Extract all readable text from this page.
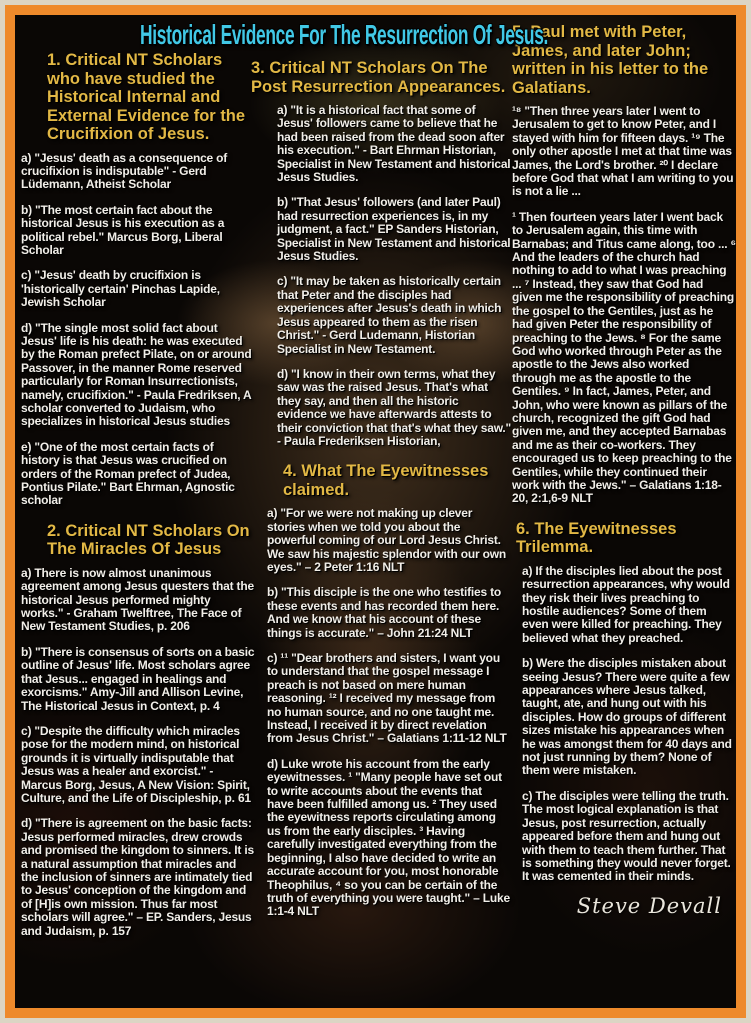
Historical Evidence For The Resurrection Of Jesus.
1. Critical NT Scholars who have studied the Historical Internal and External Evidence for the Crucifixion of Jesus.

a) "Jesus' death as a consequence of crucifixion is indisputable" - Gerd Lüdemann, Atheist Scholar

b) "The most certain fact about the historical Jesus is his execution as a political rebel." Marcus Borg, Liberal Scholar

c) "Jesus' death by crucifixion is 'historically certain' Pinchas Lapide, Jewish Scholar

d) "The single most solid fact about Jesus' life is his death: he was executed by the Roman prefect Pilate, on or around Passover, in the manner Rome reserved particularly for Roman Insurrectionists, namely, crucifixion." - Paula Fredriksen, A scholar converted to Judaism, who specializes in historical Jesus studies

e) "One of the most certain facts of history is that Jesus was crucified on orders of the Roman prefect of Judea, Pontius Pilate." Bart Ehrman, Agnostic scholar

2. Critical NT Scholars On The Miracles Of Jesus

a) There is now almost unanimous agreement among Jesus questers that the historical Jesus performed mighty works." - Graham Twelftree, The Face of New Testament Studies, p. 206

b) "There is consensus of sorts on a basic outline of Jesus' life. Most scholars agree that Jesus... engaged in healings and exorcisms." Amy-Jill and Allison Levine, The Historical Jesus in Context, p. 4

c) "Despite the difficulty which miracles pose for the modern mind, on historical grounds it is virtually indisputable that Jesus was a healer and exorcist." - Marcus Borg, Jesus, A New Vision: Spirit, Culture, and the Life of Discipleship, p. 61

d) "There is agreement on the basic facts: Jesus performed miracles, drew crowds and promised the kingdom to sinners. It is a natural assumption that miracles and the inclusion of sinners are intimately tied to Jesus' conception of the kingdom and of [H]is own mission. Thus far most scholars will agree." – EP. Sanders, Jesus and Judaism, p. 157

3. Critical NT Scholars On The Post Resurrection Appearances.

a) "It is a historical fact that some of Jesus' followers came to believe that he had been raised from the dead soon after his execution." - Bart Ehrman Historian, Specialist in New Testament and historical Jesus Studies.

b) "That Jesus' followers (and later Paul) had resurrection experiences is, in my judgment, a fact." EP Sanders Historian, Specialist in New Testament and historical Jesus Studies.

c) "It may be taken as historically certain that Peter and the disciples had experiences after Jesus's death in which Jesus appeared to them as the risen Christ." - Gerd Ludemann, Historian Specialist in New Testament.

d) "I know in their own terms, what they saw was the raised Jesus. That's what they say, and then all the historic evidence we have afterwards attests to their conviction that that's what they saw." - Paula Frederiksen Historian,

4. What The Eyewitnesses claimed.

a) "For we were not making up clever stories when we told you about the powerful coming of our Lord Jesus Christ. We saw his majestic splendor with our own eyes." – 2 Peter 1:16 NLT

b) "This disciple is the one who testifies to these events and has recorded them here. And we know that his account of these things is accurate." – John 21:24 NLT

c) ¹¹ "Dear brothers and sisters, I want you to understand that the gospel message I preach is not based on mere human reasoning. ¹² I received my message from no human source, and no one taught me. Instead, I received it by direct revelation from Jesus Christ." – Galatians 1:11-12 NLT

d) Luke wrote his account from the early eyewitnesses. ¹ "Many people have set out to write accounts about the events that have been fulfilled among us. ² They used the eyewitness reports circulating among us from the early disciples. ³ Having carefully investigated everything from the beginning, I also have decided to write an accurate account for you, most honorable Theophilus, ⁴ so you can be certain of the truth of everything you were taught." – Luke 1:1-4 NLT

5. Paul met with Peter, James, and later John; written in his letter to the Galatians.

¹⁸ "Then three years later I went to Jerusalem to get to know Peter, and I stayed with him for fifteen days. ¹⁹ The only other apostle I met at that time was James, the Lord's brother. ²⁰ I declare before God that what I am writing to you is not a lie ...

¹ Then fourteen years later I went back to Jerusalem again, this time with Barnabas; and Titus came along, too ... ⁶ And the leaders of the church had nothing to add to what I was preaching ... ⁷ Instead, they saw that God had given me the responsibility of preaching the gospel to the Gentiles, just as he had given Peter the responsibility of preaching to the Jews. ⁸ For the same God who worked through Peter as the apostle to the Jews also worked through me as the apostle to the Gentiles. ⁹ In fact, James, Peter, and John, who were known as pillars of the church, recognized the gift God had given me, and they accepted Barnabas and me as their co-workers. They encouraged us to keep preaching to the Gentiles, while they continued their work with the Jews." – Galatians 1:18-20, 2:1,6-9 NLT

6. The Eyewitnesses Trilemma.

a) If the disciples lied about the post resurrection appearances, why would they risk their lives preaching to hostile audiences? Some of them even were killed for preaching. They believed what they preached.

b) Were the disciples mistaken about seeing Jesus? There were quite a few appearances where Jesus talked, taught, ate, and hung out with his disciples. How do groups of different sizes mistake his appearances when he was amongst them for 40 days and not just running by them? None of them were mistaken.

c) The disciples were telling the truth. The most logical explanation is that Jesus, post resurrection, actually appeared before them and hung out with them to teach them further. That is something they would never forget. It was cemented in their minds.

Steve Devall
